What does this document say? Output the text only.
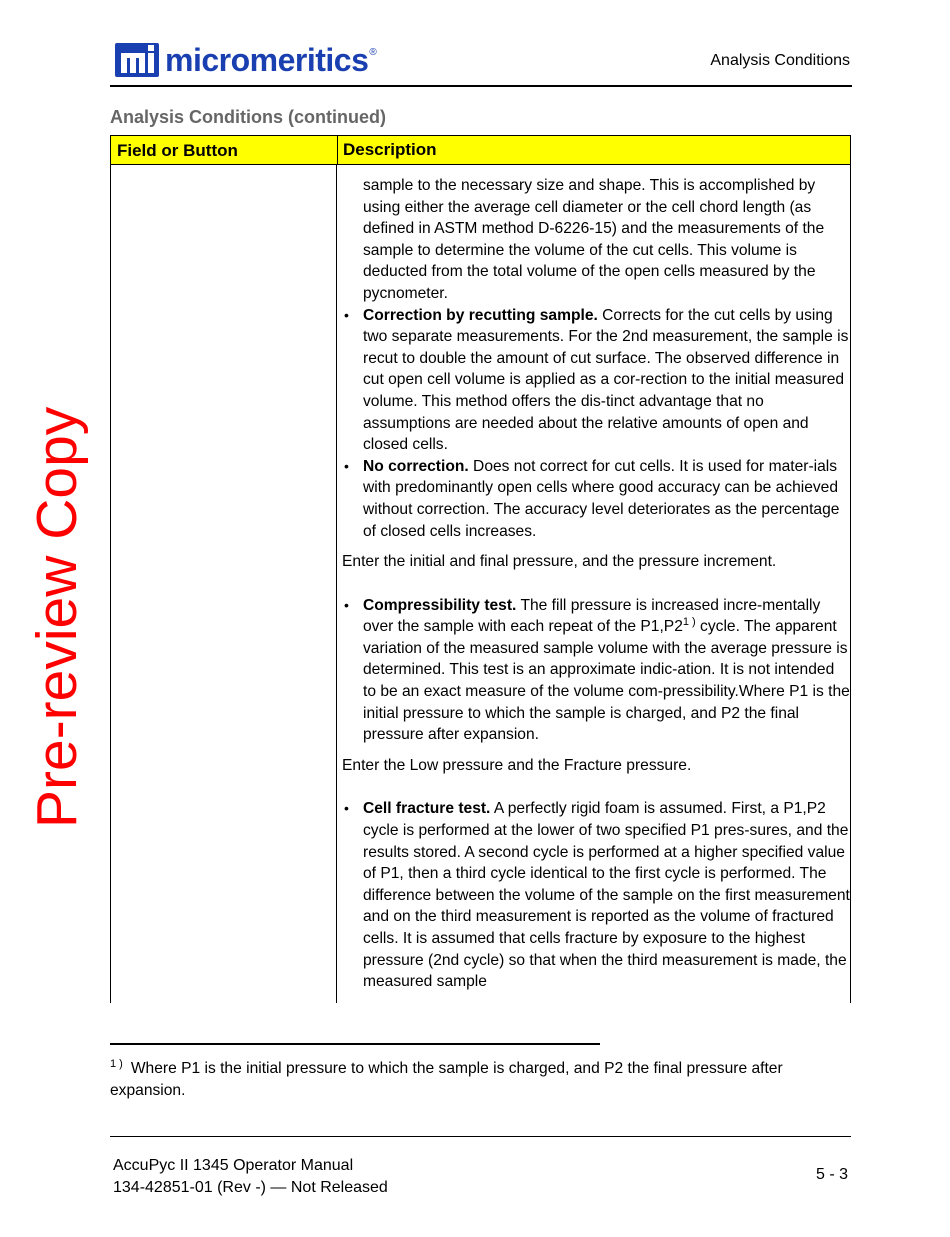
micromeritics ®	Analysis Conditions
Analysis Conditions (continued)
Field or Button	Description

sample to the necessary size and shape. This is accomplished by using either the average cell diameter or the cell chord length (as defined in ASTM method D-6226-15) and the measurements of the sample to determine the volume of the cut cells. This volume is deducted from the total volume of the open cells measured by the pycnometer.

• Correction by recutting sample. Corrects for the cut cells by using two separate measurements. For the 2nd measurement, the sample is recut to double the amount of cut surface. The observed difference in cut open cell volume is applied as a cor-rection to the initial measured volume. This method offers the dis-tinct advantage that no assumptions are needed about the relative amounts of open and closed cells.

• No correction. Does not correct for cut cells. It is used for mater-ials with predominantly open cells where good accuracy can be achieved without correction. The accuracy level deteriorates as the percentage of closed cells increases.

Enter the initial and final pressure, and the pressure increment.

• Compressibility test. The fill pressure is increased incre-mentally over the sample with each repeat of the $P1,P2^{1 )}$ cycle. The apparent variation of the measured sample volume with the average pressure is determined. This test is an approximate indic-ation. It is not intended to be an exact measure of the volume com-pressibility.Where P1 is the initial pressure to which the sample is charged, and P2 the final pressure after expansion.

Enter the Low pressure and the Fracture pressure.

• Cell fracture test. A perfectly rigid foam is assumed. First, a P1,P2 cycle is performed at the lower of two specified P1 pres-sures, and the results stored. A second cycle is performed at a higher specified value of P1, then a third cycle identical to the first cycle is performed. The difference between the volume of the sample on the first measurement and on the third measurement is reported as the volume of fractured cells. It is assumed that cells fracture by exposure to the highest pressure (2nd cycle) so that when the third measurement is made, the measured sample

$^{1 )}$ Where P1 is the initial pressure to which the sample is charged, and P2 the final pressure after expansion.
AccuPyc II 1345 Operator Manual
134-42851-01 (Rev -) — Not Released
5 - 3
Pre-review Copy
